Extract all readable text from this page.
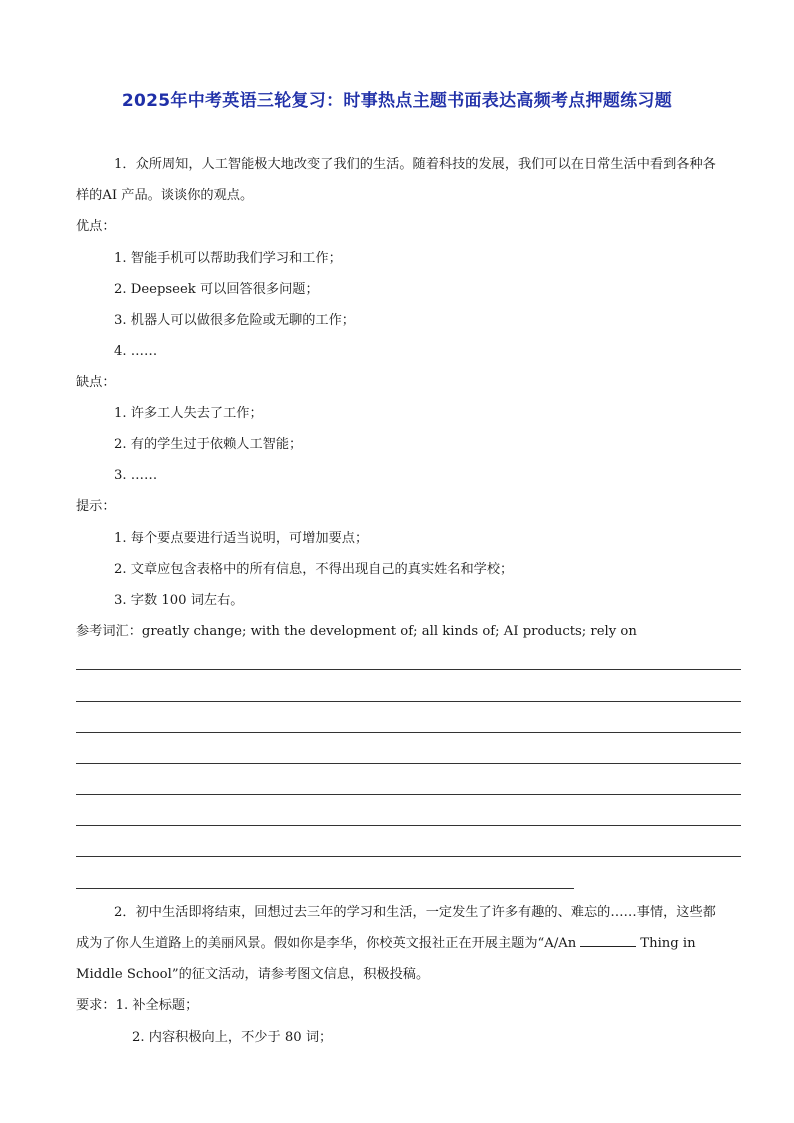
2025年中考英语三轮复习：时事热点主题书面表达高频考点押题练习题
1．众所周知，人工智能极大地改变了我们的生活。随着科技的发展，我们可以在日常生活中看到各种各
样的AI 产品。谈谈你的观点。
优点：
1. 智能手机可以帮助我们学习和工作；
2. Deepseek 可以回答很多问题；
3. 机器人可以做很多危险或无聊的工作；
4. ……
缺点：
1. 许多工人失去了工作；
2. 有的学生过于依赖人工智能；
3. ……
提示：
1. 每个要点要进行适当说明，可增加要点；
2. 文章应包含表格中的所有信息，不得出现自己的真实姓名和学校；
3. 字数 100 词左右。
参考词汇：greatly change; with the development of; all kinds of; AI products; rely on
2．初中生活即将结束，回想过去三年的学习和生活，一定发生了许多有趣的、难忘的……事情，这些都
成为了你人生道路上的美丽风景。假如你是李华，你校英文报社正在开展主题为“A/An	Thing in
Middle School”的征文活动，请参考图文信息，积极投稿。
要求：1. 补全标题；
2. 内容积极向上，不少于 80 词；
